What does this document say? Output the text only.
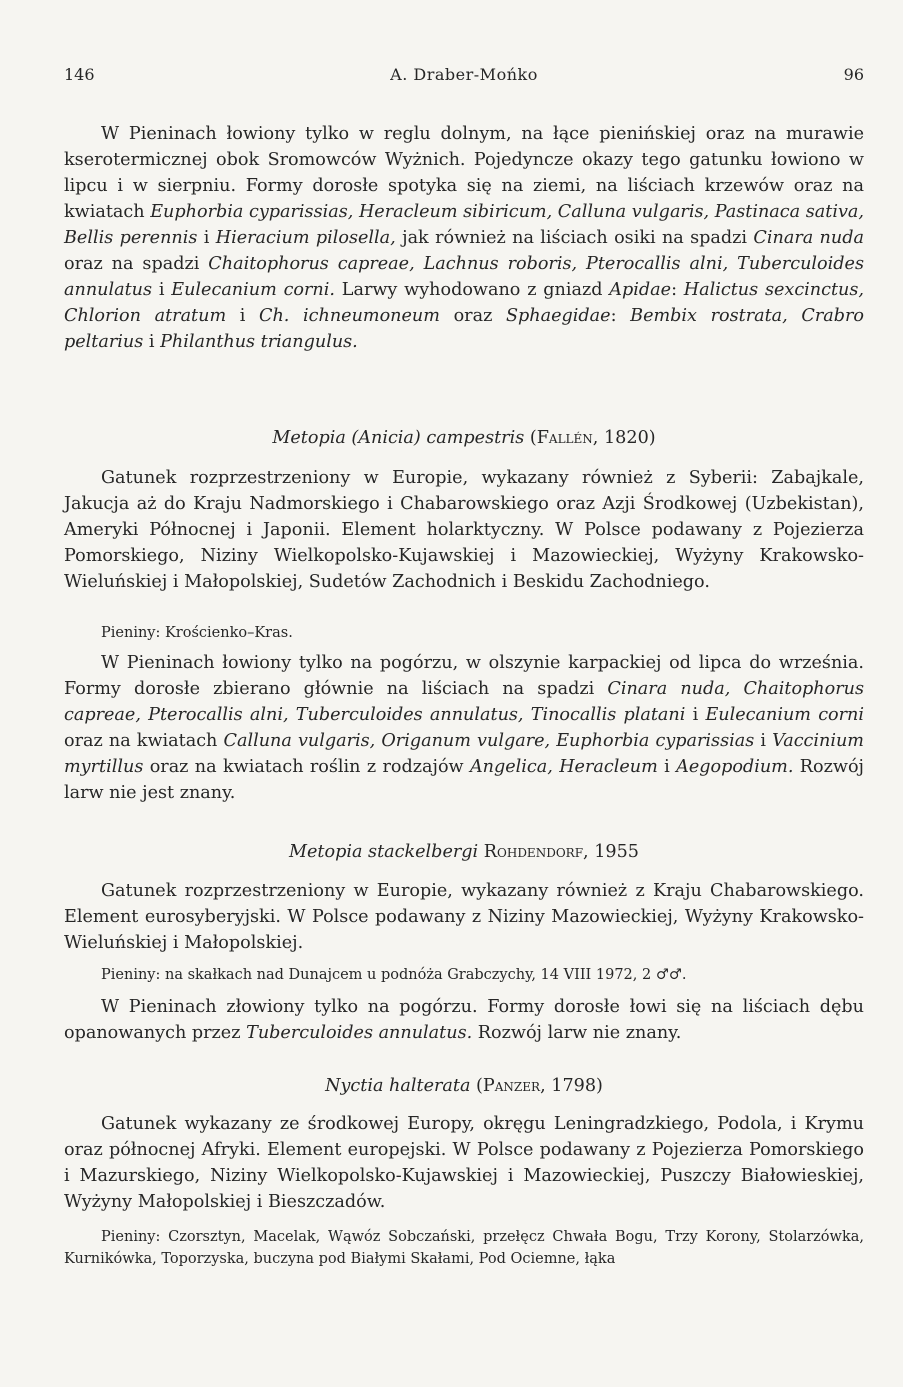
146	A. Draber-Mońko	96

W Pieninach łowiony tylko w reglu dolnym, na łące pienińskiej oraz na murawie kserotermicznej obok Sromowców Wyżnich. Pojedyncze okazy tego gatunku łowiono w lipcu i w sierpniu. Formy dorosłe spotyka się na ziemi, na liściach krzewów oraz na kwiatach Euphorbia cyparissias, Heracleum sibiricum, Calluna vulgaris, Pastinaca sativa, Bellis perennis i Hieracium pilosella, jak również na liściach osiki na spadzi Cinara nuda oraz na spadzi Chaitophorus capreae, Lachnus roboris, Pterocallis alni, Tuberculoides annulatus i Eulecanium corni. Larwy wyhodowano z gniazd Apidae: Halictus sexcinctus, Chlorion atratum i Ch. ichneumoneum oraz Sphaegidae: Bembix rostrata, Crabro peltarius i Philanthus triangulus.

Metopia (Anicia) campestris (Fallén, 1820)

Gatunek rozprzestrzeniony w Europie, wykazany również z Syberii: Zabajkale, Jakucja aż do Kraju Nadmorskiego i Chabarowskiego oraz Azji Środkowej (Uzbekistan), Ameryki Północnej i Japonii. Element holarktyczny. W Polsce podawany z Pojezierza Pomorskiego, Niziny Wielkopolsko-Kujawskiej i Mazowieckiej, Wyżyny Krakowsko-Wieluńskiej i Małopolskiej, Sudetów Zachodnich i Beskidu Zachodniego.

Pieniny: Krościenko–Kras.

W Pieninach łowiony tylko na pogórzu, w olszynie karpackiej od lipca do września. Formy dorosłe zbierano głównie na liściach na spadzi Cinara nuda, Chaitophorus capreae, Pterocallis alni, Tuberculoides annulatus, Tinocallis platani i Eulecanium corni oraz na kwiatach Calluna vulgaris, Origanum vulgare, Euphorbia cyparissias i Vaccinium myrtillus oraz na kwiatach roślin z rodzajów Angelica, Heracleum i Aegopodium. Rozwój larw nie jest znany.

Metopia stackelbergi Rohdendorf, 1955

Gatunek rozprzestrzeniony w Europie, wykazany również z Kraju Chabarowskiego. Element eurosyberyjski. W Polsce podawany z Niziny Mazowieckiej, Wyżyny Krakowsko-Wieluńskiej i Małopolskiej.

Pieniny: na skałkach nad Dunajcem u podnóża Grabczychy, 14 VIII 1972, 2 ♂♂.

W Pieninach złowiony tylko na pogórzu. Formy dorosłe łowi się na liściach dębu opanowanych przez Tuberculoides annulatus. Rozwój larw nie znany.

Nyctia halterata (Panzer, 1798)

Gatunek wykazany ze środkowej Europy, okręgu Leningradzkiego, Podola, i Krymu oraz północnej Afryki. Element europejski. W Polsce podawany z Pojezierza Pomorskiego i Mazurskiego, Niziny Wielkopolsko-Kujawskiej i Mazowieckiej, Puszczy Białowieskiej, Wyżyny Małopolskiej i Bieszczadów.

Pieniny: Czorsztyn, Macelak, Wąwóz Sobczański, przełęcz Chwała Bogu, Trzy Korony, Stolarzówka, Kurnikówka, Toporzyska, buczyna pod Białymi Skałami, Pod Ociemne, łąka
